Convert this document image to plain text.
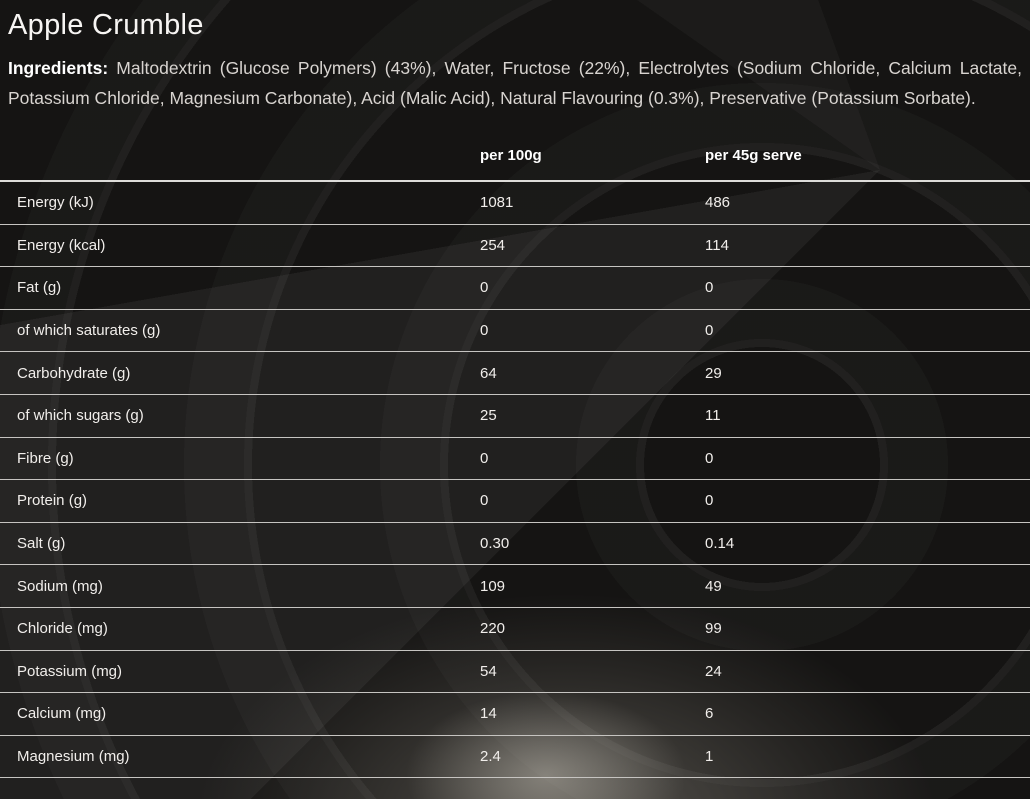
Apple Crumble

Ingredients: Maltodextrin (Glucose Polymers) (43%), Water, Fructose (22%), Electrolytes (Sodium Chloride, Calcium Lactate, Potassium Chloride, Magnesium Carbonate), Acid (Malic Acid), Natural Flavouring (0.3%), Preservative (Potassium Sorbate).

	per 100g	per 45g serve
Energy (kJ)	1081	486
Energy (kcal)	254	114
Fat (g)	0	0
of which saturates (g)	0	0
Carbohydrate (g)	64	29
of which sugars (g)	25	11
Fibre (g)	0	0
Protein (g)	0	0
Salt (g)	0.30	0.14
Sodium (mg)	109	49
Chloride (mg)	220	99
Potassium (mg)	54	24
Calcium (mg)	14	6
Magnesium (mg)	2.4	1
